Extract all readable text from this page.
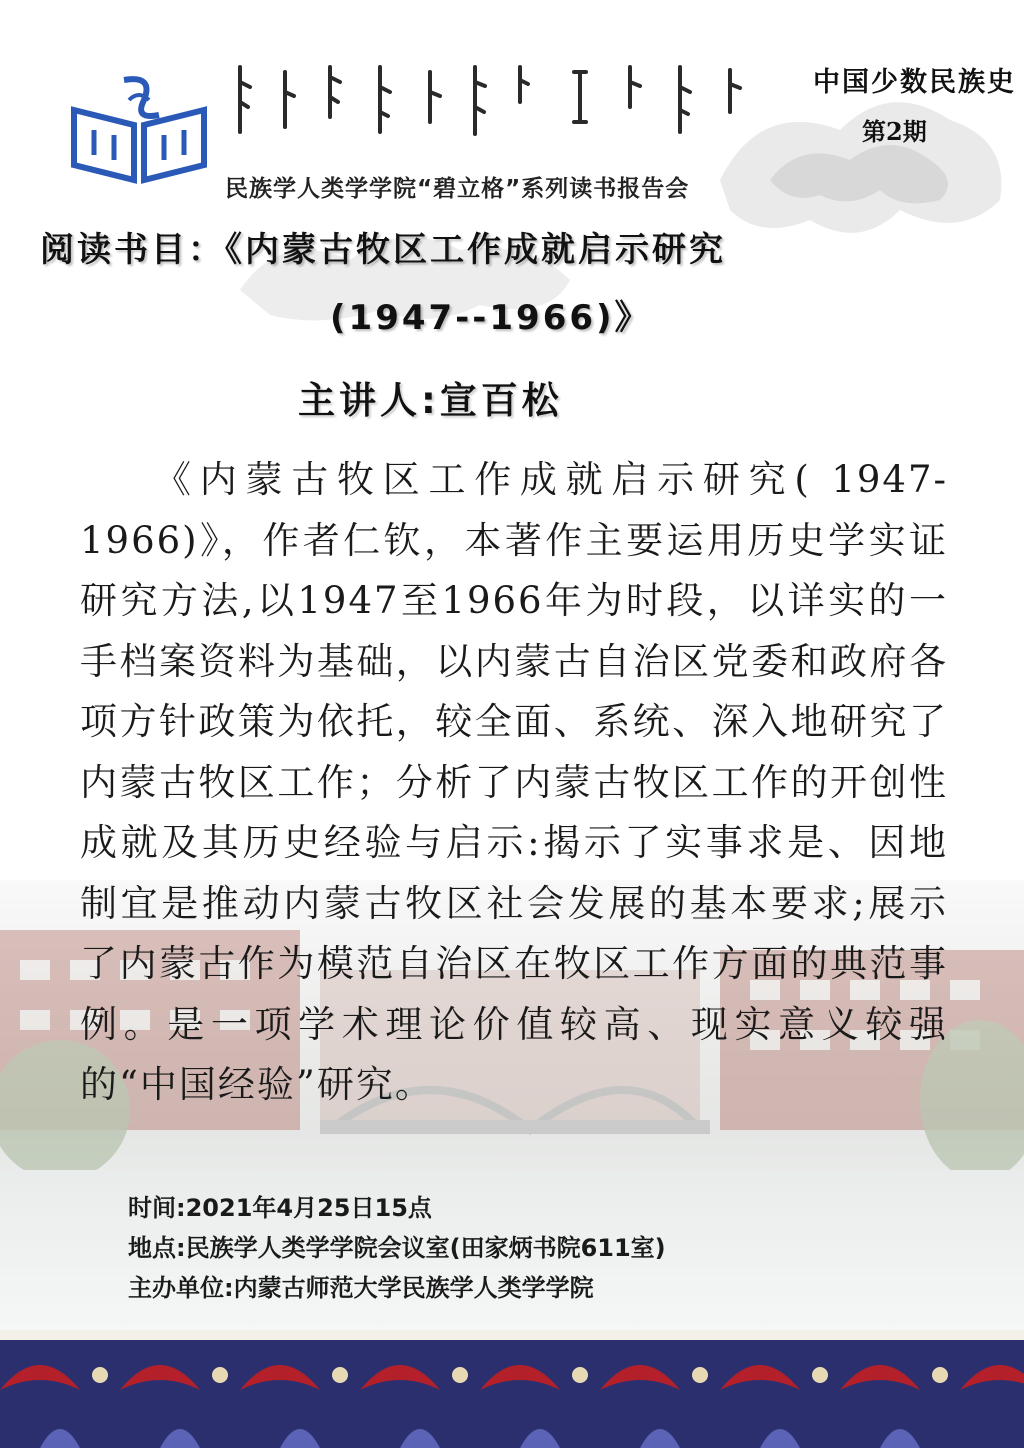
民族学人类学学院“碧立格”系列读书报告会
中国少数民族史
第2期
阅读书目：《内蒙古牧区工作成就启示研究
(1947--1966)》
主讲人:宣百松
《内蒙古牧区工作成就启示研究( 1947-1966)》，作者仁钦，本著作主要运用历史学实证研究方法,以1947至1966年为时段，以详实的一手档案资料为基础，以内蒙古自治区党委和政府各项方针政策为依托，较全面、系统、深入地研究了内蒙古牧区工作；分析了内蒙古牧区工作的开创性成就及其历史经验与启示:揭示了实事求是、因地制宜是推动内蒙古牧区社会发展的基本要求;展示了内蒙古作为模范自治区在牧区工作方面的典范事例。是一项学术理论价值较高、现实意义较强的“中国经验”研究。
时间:2021年4月25日15点
地点:民族学人类学学院会议室(田家炳书院611室)
主办单位:内蒙古师范大学民族学人类学学院
